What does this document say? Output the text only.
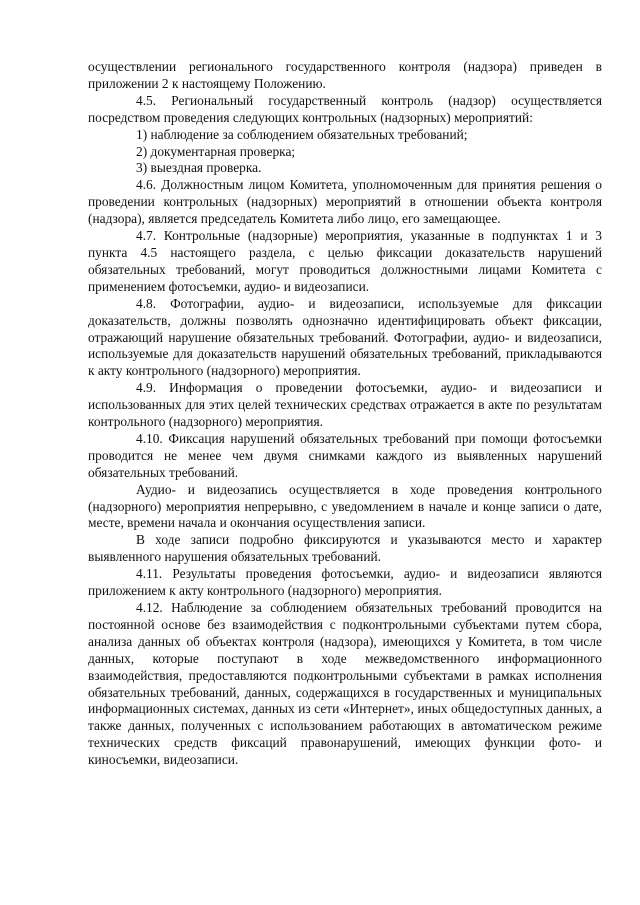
осуществлении регионального государственного контроля (надзора) приведен в приложении 2 к настоящему Положению.

4.5. Региональный государственный контроль (надзор) осуществляется посредством проведения следующих контрольных (надзорных) мероприятий:

1) наблюдение за соблюдением обязательных требований;

2) документарная проверка;

3) выездная проверка.

4.6. Должностным лицом Комитета, уполномоченным для принятия решения о проведении контрольных (надзорных) мероприятий в отношении объекта контроля (надзора), является председатель Комитета либо лицо, его замещающее.

4.7. Контрольные (надзорные) мероприятия, указанные в подпунктах 1 и 3 пункта 4.5 настоящего раздела, с целью фиксации доказательств нарушений обязательных требований, могут проводиться должностными лицами Комитета с применением фотосъемки, аудио- и видеозаписи.

4.8. Фотографии, аудио- и видеозаписи, используемые для фиксации доказательств, должны позволять однозначно идентифицировать объект фиксации, отражающий нарушение обязательных требований. Фотографии, аудио- и видеозаписи, используемые для доказательств нарушений обязательных требований, прикладываются к акту контрольного (надзорного) мероприятия.

4.9. Информация о проведении фотосъемки, аудио- и видеозаписи и использованных для этих целей технических средствах отражается в акте по результатам контрольного (надзорного) мероприятия.

4.10. Фиксация нарушений обязательных требований при помощи фотосъемки проводится не менее чем двумя снимками каждого из выявленных нарушений обязательных требований.

Аудио- и видеозапись осуществляется в ходе проведения контрольного (надзорного) мероприятия непрерывно, с уведомлением в начале и конце записи о дате, месте, времени начала и окончания осуществления записи.

В ходе записи подробно фиксируются и указываются место и характер выявленного нарушения обязательных требований.

4.11. Результаты проведения фотосъемки, аудио- и видеозаписи являются приложением к акту контрольного (надзорного) мероприятия.

4.12. Наблюдение за соблюдением обязательных требований проводится на постоянной основе без взаимодействия с подконтрольными субъектами путем сбора, анализа данных об объектах контроля (надзора), имеющихся у Комитета, в том числе данных, которые поступают в ходе межведомственного информационного взаимодействия, предоставляются подконтрольными субъектами в рамках исполнения обязательных требований, данных, содержащихся в государственных и муниципальных информационных системах, данных из сети «Интернет», иных общедоступных данных, а также данных, полученных с использованием работающих в автоматическом режиме технических средств фиксаций правонарушений, имеющих функции фото- и киносъемки, видеозаписи.
